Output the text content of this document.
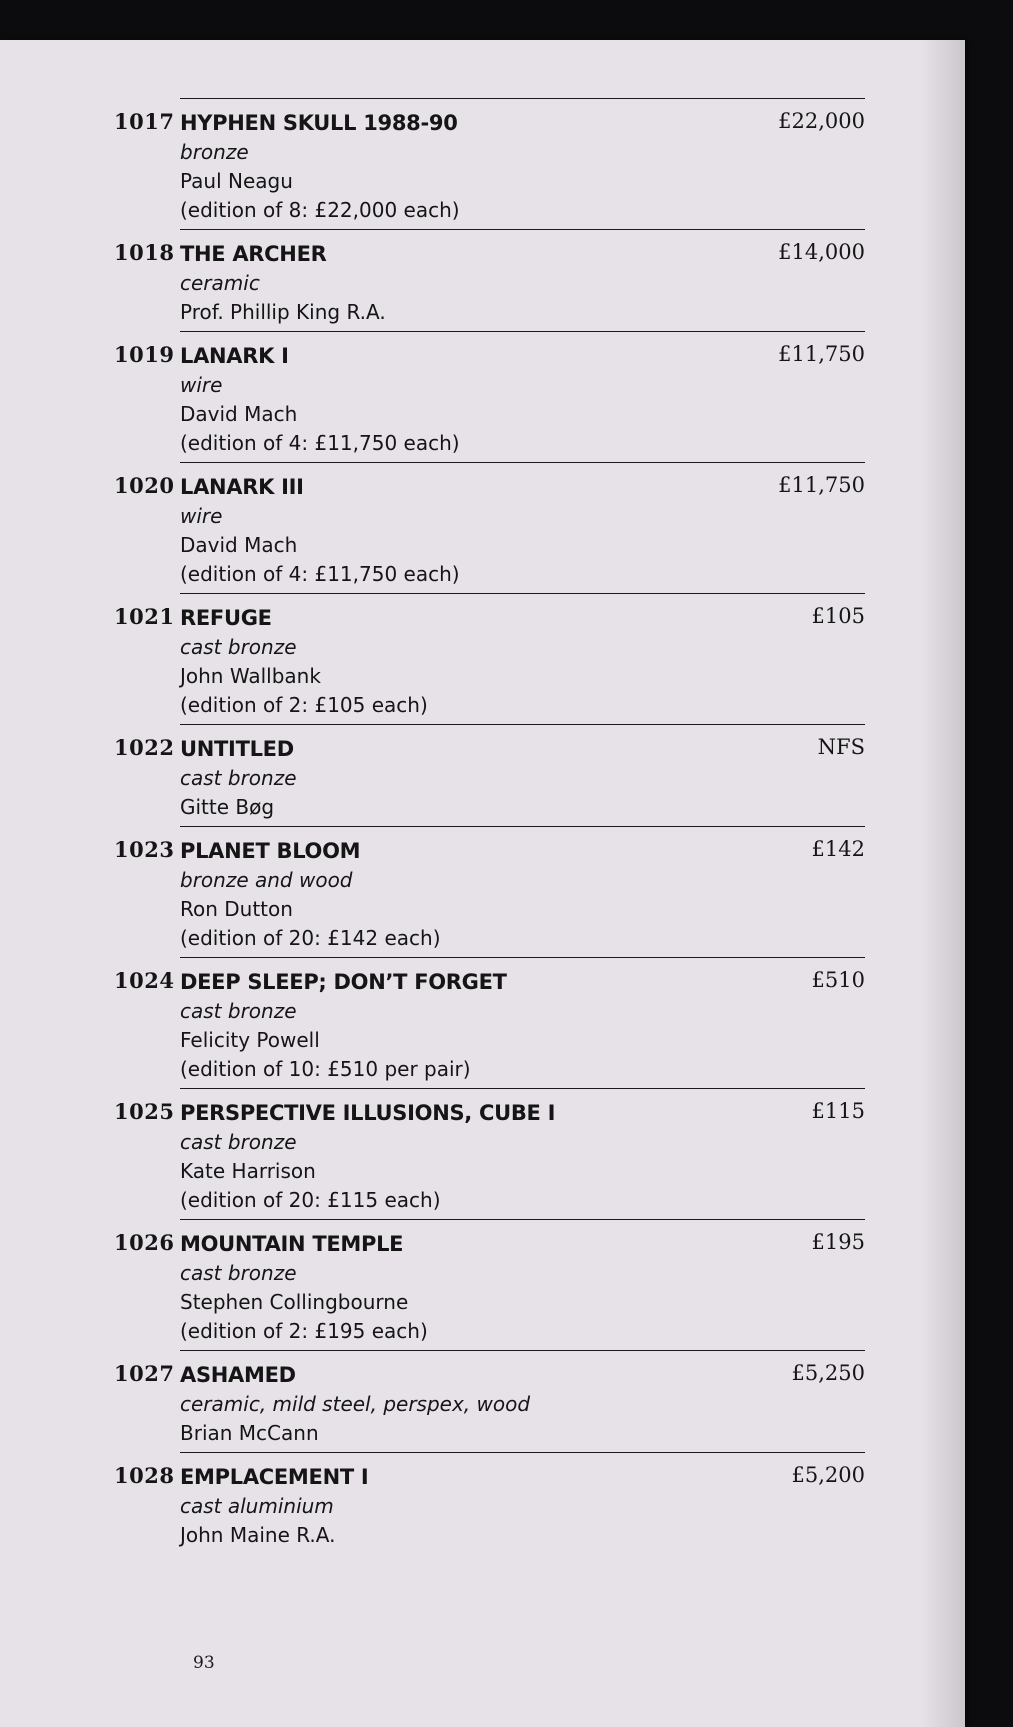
1017 HYPHEN SKULL 1988-90
bronze
Paul Neagu
(edition of 8: £22,000 each)
£22,000
1018 THE ARCHER
ceramic
Prof. Phillip King R.A.
£14,000
1019 LANARK I
wire
David Mach
(edition of 4: £11,750 each)
£11,750
1020 LANARK III
wire
David Mach
(edition of 4: £11,750 each)
£11,750
1021 REFUGE
cast bronze
John Wallbank
(edition of 2: £105 each)
£105
1022 UNTITLED
cast bronze
Gitte Bøg
NFS
1023 PLANET BLOOM
bronze and wood
Ron Dutton
(edition of 20: £142 each)
£142
1024 DEEP SLEEP; DON’T FORGET
cast bronze
Felicity Powell
(edition of 10: £510 per pair)
£510
1025 PERSPECTIVE ILLUSIONS, CUBE I
cast bronze
Kate Harrison
(edition of 20: £115 each)
£115
1026 MOUNTAIN TEMPLE
cast bronze
Stephen Collingbourne
(edition of 2: £195 each)
£195
1027 ASHAMED
ceramic, mild steel, perspex, wood
Brian McCann
£5,250
1028 EMPLACEMENT I
cast aluminium
John Maine R.A.
£5,200
93
